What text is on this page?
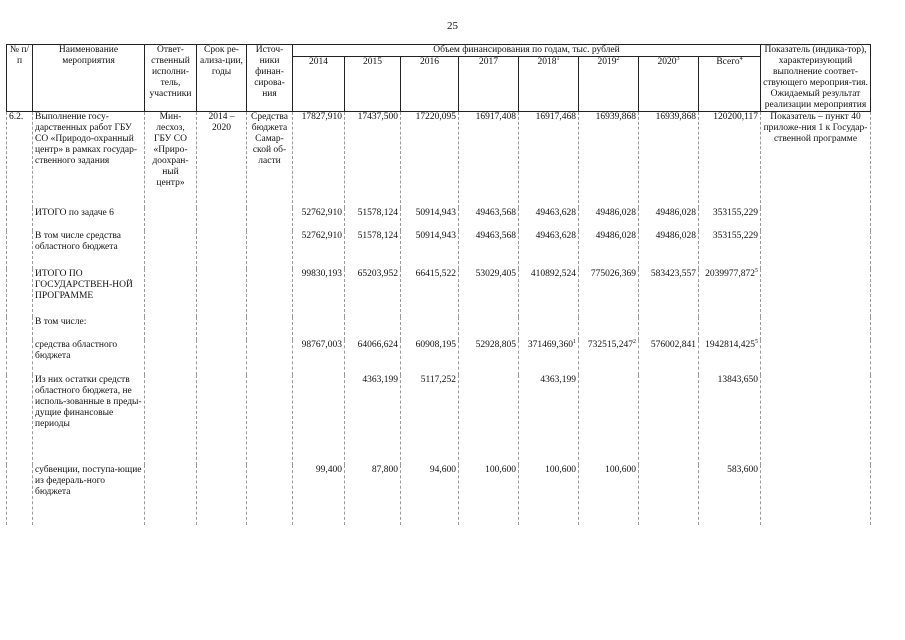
25
№ п/п	Наименование мероприятия	Ответ-ственный исполни-тель, участники	Срок ре-ализа-ции, годы	Источ-ники финан-сирова-ния	Объем финансирования по годам, тыс. рублей								Показатель (индика-тор), характеризующий выполнение соответ-ствующего мероприя-тия. Ожидаемый результат реализации мероприятия
					2014	2015	2016	2017	2018$^1$	2019$^2$	2020$^3$	Всего$^4$
6.2.	Выполнение госу-дарственных работ ГБУ СО «Природо-охранный центр» в рамках государ-ственного задания	Мин-лесхоз, ГБУ СО «Приро-доохран-ный центр»	2014 – 2020	Средства бюджета Самар-ской об-ласти	17827,910	17437,500	17220,095	16917,408	16917,468	16939,868	16939,868	120200,117	Показатель – пункт 40 приложе-ния 1 к Государ-ственной программе
	ИТОГО по задаче 6				52762,910	51578,124	50914,943	49463,568	49463,628	49486,028	49486,028	353155,229	
	В том числе средства областного бюджета				52762,910	51578,124	50914,943	49463,568	49463,628	49486,028	49486,028	353155,229	
	ИТОГО ПО ГОСУДАРСТВЕН-НОЙ ПРОГРАММЕ				99830,193	65203,952	66415,522	53029,405	410892,524	775026,369	583423,557	2039977,872$^5$	
	В том числе:												
	средства областного бюджета				98767,003	64066,624	60908,195	52928,805	371469,360$^1$	732515,247$^2$	576002,841	1942814,425$^5$	
	Из них остатки средств областного бюджета, не исполь-зованные в преды-дущие финансовые периоды					4363,199	5117,252		4363,199			13843,650	
	субвенции, поступа-ющие из федераль-ного бюджета				99,400	87,800	94,600	100,600	100,600	100,600		583,600	
